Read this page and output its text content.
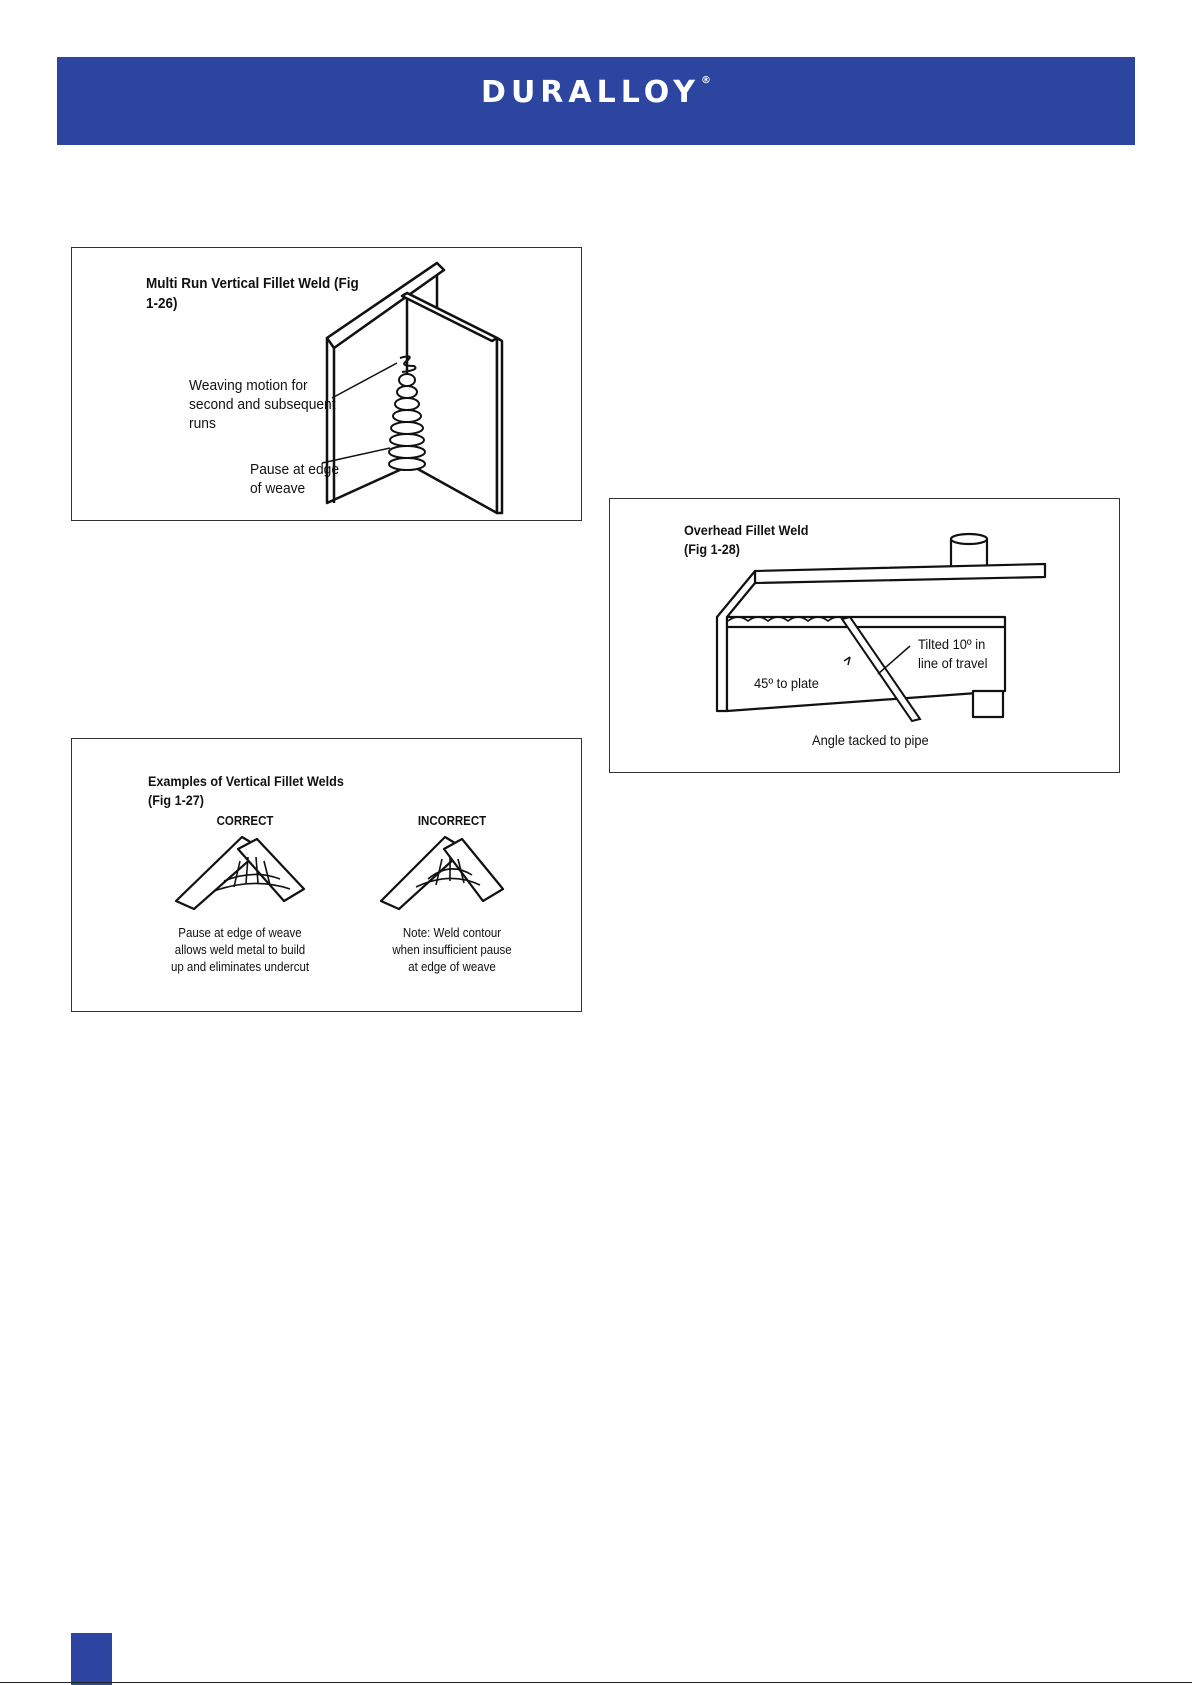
DURALLOY®
Multi Run Vertical Fillet Weld (Fig
1-26)
Weaving motion for
second and subsequent
runs
Pause at edge
of weave
Examples of Vertical Fillet Welds
(Fig 1-27)
CORRECT	INCORRECT
Pause at edge of weave
allows weld metal to build
up and eliminates undercut
Note: Weld contour
when insufficient pause
at edge of weave
Overhead Fillet Weld
(Fig 1-28)
Tilted 10º in
line of travel
45º to plate
Angle tacked to pipe
